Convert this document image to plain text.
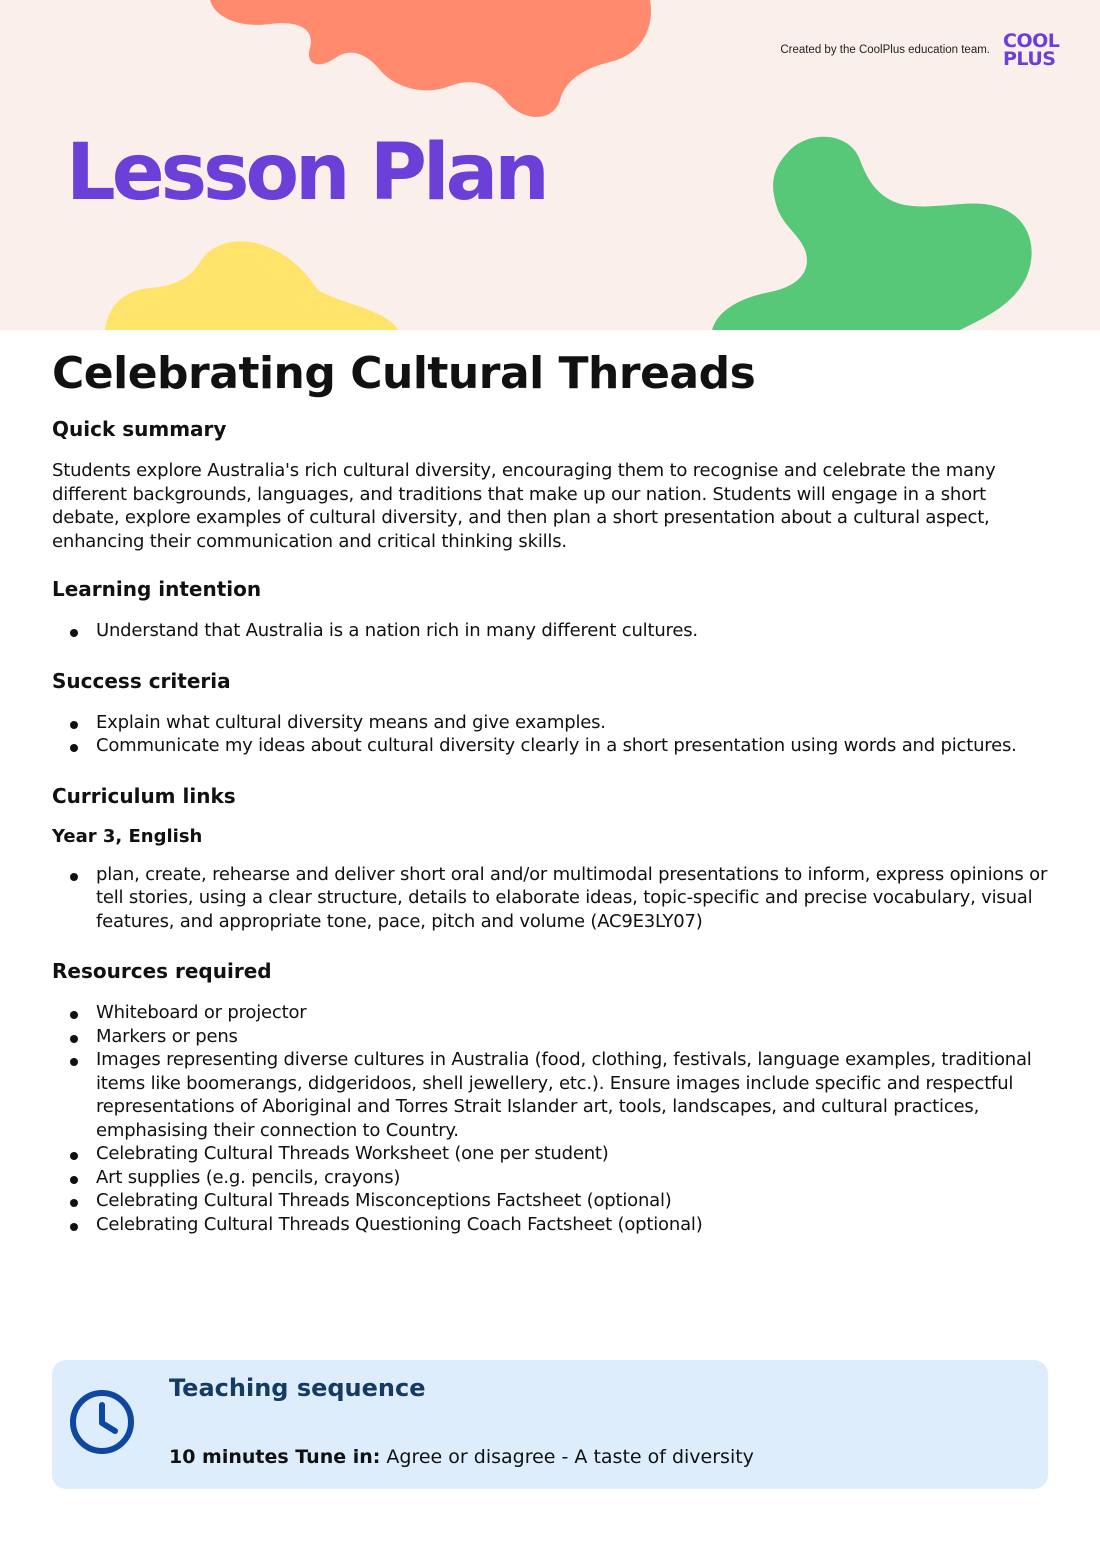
Created by the CoolPlus education team. COOL
PLUS
Lesson Plan
Celebrating Cultural Threads
Quick summary

Students explore Australia's rich cultural diversity, encouraging them to recognise and celebrate the many different backgrounds, languages, and traditions that make up our nation. Students will engage in a short debate, explore examples of cultural diversity, and then plan a short presentation about a cultural aspect, enhancing their communication and critical thinking skills.

Learning intention
Understand that Australia is a nation rich in many different cultures.
Success criteria
Explain what cultural diversity means and give examples.
Communicate my ideas about cultural diversity clearly in a short presentation using words and pictures.
Curriculum links
Year 3, English
plan, create, rehearse and deliver short oral and/or multimodal presentations to inform, express opinions or tell stories, using a clear structure, details to elaborate ideas, topic-specific and precise vocabulary, visual features, and appropriate tone, pace, pitch and volume (AC9E3LY07)
Resources required
Whiteboard or projector
Markers or pens
Images representing diverse cultures in Australia (food, clothing, festivals, language examples, traditional items like boomerangs, didgeridoos, shell jewellery, etc.). Ensure images include specific and respectful representations of Aboriginal and Torres Strait Islander art, tools, landscapes, and cultural practices, emphasising their connection to Country.
Celebrating Cultural Threads Worksheet (one per student)
Art supplies (e.g. pencils, crayons)
Celebrating Cultural Threads Misconceptions Factsheet (optional)
Celebrating Cultural Threads Questioning Coach Factsheet (optional)
Teaching sequence
10 minutes Tune in: Agree or disagree - A taste of diversity
